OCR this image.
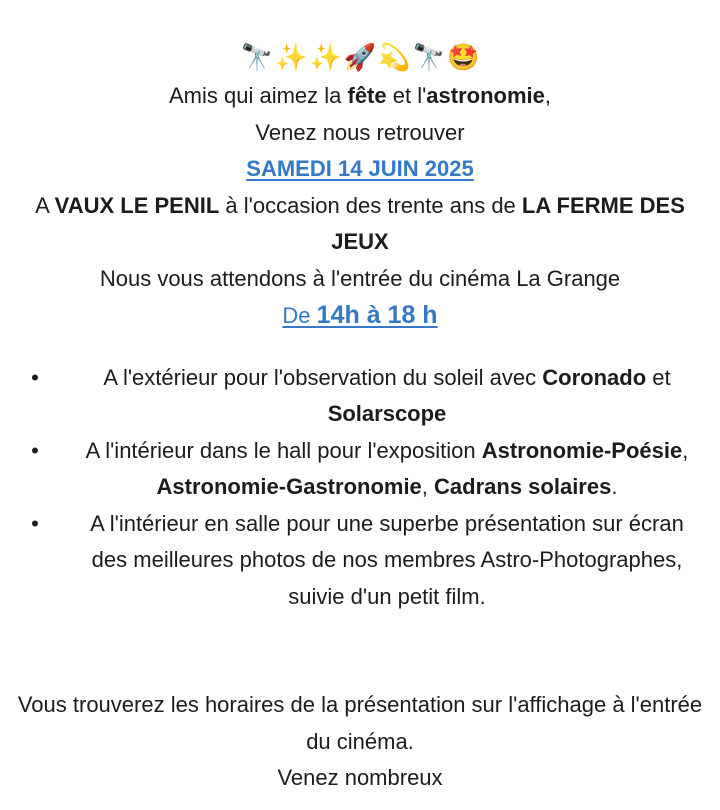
🔭✨✨🚀💫🔭🤩
Amis qui aimez la fête et l'astronomie,
Venez nous retrouver
SAMEDI 14 JUIN 2025
A VAUX LE PENIL à l'occasion des trente ans de LA FERME DES JEUX
Nous vous attendons à l'entrée du cinéma La Grange
De 14h à 18 h
•	A l'extérieur pour l'observation du soleil avec Coronado et Solarscope
• A l'intérieur dans le hall pour l'exposition Astronomie-Poésie, Astronomie-Gastronomie, Cadrans solaires.
• A l'intérieur en salle pour une superbe présentation sur écran des meilleures photos de nos membres Astro-Photographes, suivie d'un petit film.
Vous trouverez les horaires de la présentation sur l'affichage à l'entrée du cinéma.
Venez nombreux
